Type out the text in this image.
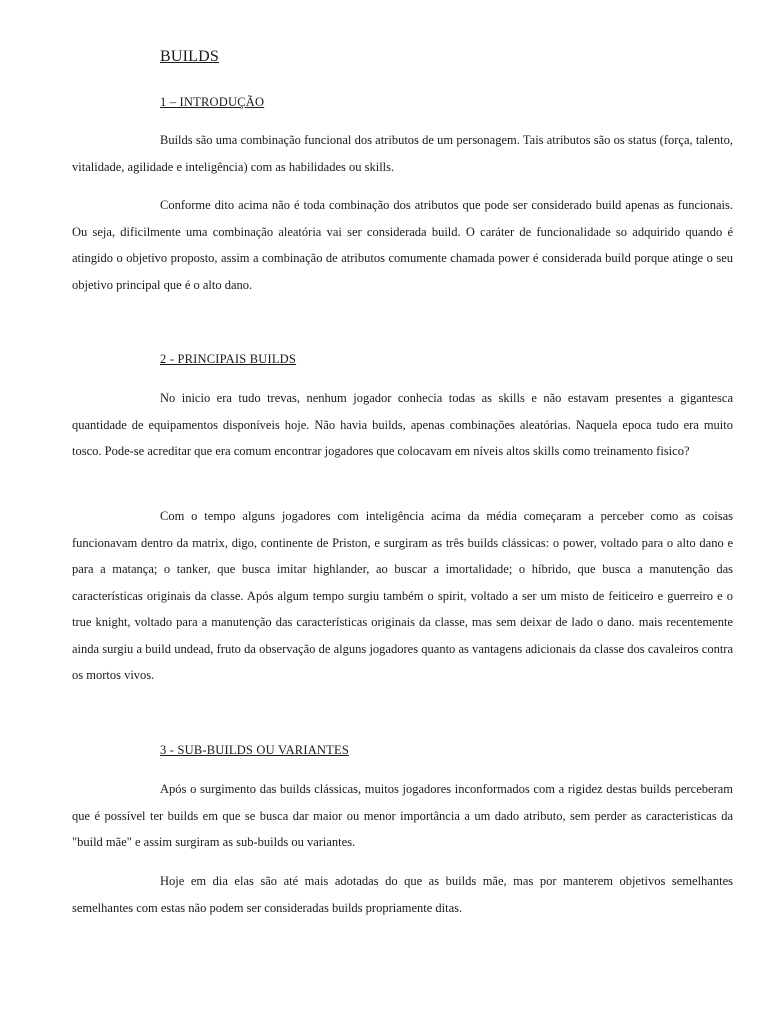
BUILDS
1 – INTRODUÇÃO

Builds são uma combinação funcional dos atributos de um personagem. Tais atributos são os status (força, talento, vitalidade, agilidade e inteligência) com as habilidades ou skills.

Conforme dito acima não é toda combinação dos atributos que pode ser considerado build apenas as funcionais. Ou seja, dificilmente uma combinação aleatória vai ser considerada build. O caráter de funcionalidade so adquirido quando é atingido o objetivo proposto, assim a combinação de atributos comumente chamada power é considerada build porque atinge o seu objetivo principal que é o alto dano.

2 - PRINCIPAIS BUILDS

No inicio era tudo trevas, nenhum jogador conhecia todas as skills e não estavam presentes a gigantesca quantidade de equipamentos disponíveis hoje. Não havia builds, apenas combinações aleatórias. Naquela epoca tudo era muito tosco. Pode-se acreditar que era comum encontrar jogadores que colocavam em níveis altos skills como treinamento fisico?

Com o tempo alguns jogadores com inteligência acima da média começaram a perceber como as coisas funcionavam dentro da matrix, digo, continente de Priston, e surgiram as três builds clássicas: o power, voltado para o alto dano e para a matança; o tanker, que busca imitar highlander, ao buscar a imortalidade; o híbrido, que busca a manutenção das características originais da classe. Após algum tempo surgiu também o spirit, voltado a ser um misto de feiticeiro e guerreiro e o true knight, voltado para a manutenção das características originais da classe, mas sem deixar de lado o dano. mais recentemente ainda surgiu a build undead, fruto da observação de alguns jogadores quanto as vantagens adicionais da classe dos cavaleiros contra os mortos vivos.

3 - SUB-BUILDS OU VARIANTES

Após o surgimento das builds clássicas, muitos jogadores inconformados com a rigidez destas builds perceberam que é possível ter builds em que se busca dar maior ou menor importância a um dado atributo, sem perder as caracteristicas da "build mãe" e assim surgiram as sub-builds ou variantes.

Hoje em dia elas são até mais adotadas do que as builds mãe, mas por manterem objetivos semelhantes semelhantes com estas não podem ser consideradas builds propriamente ditas.
